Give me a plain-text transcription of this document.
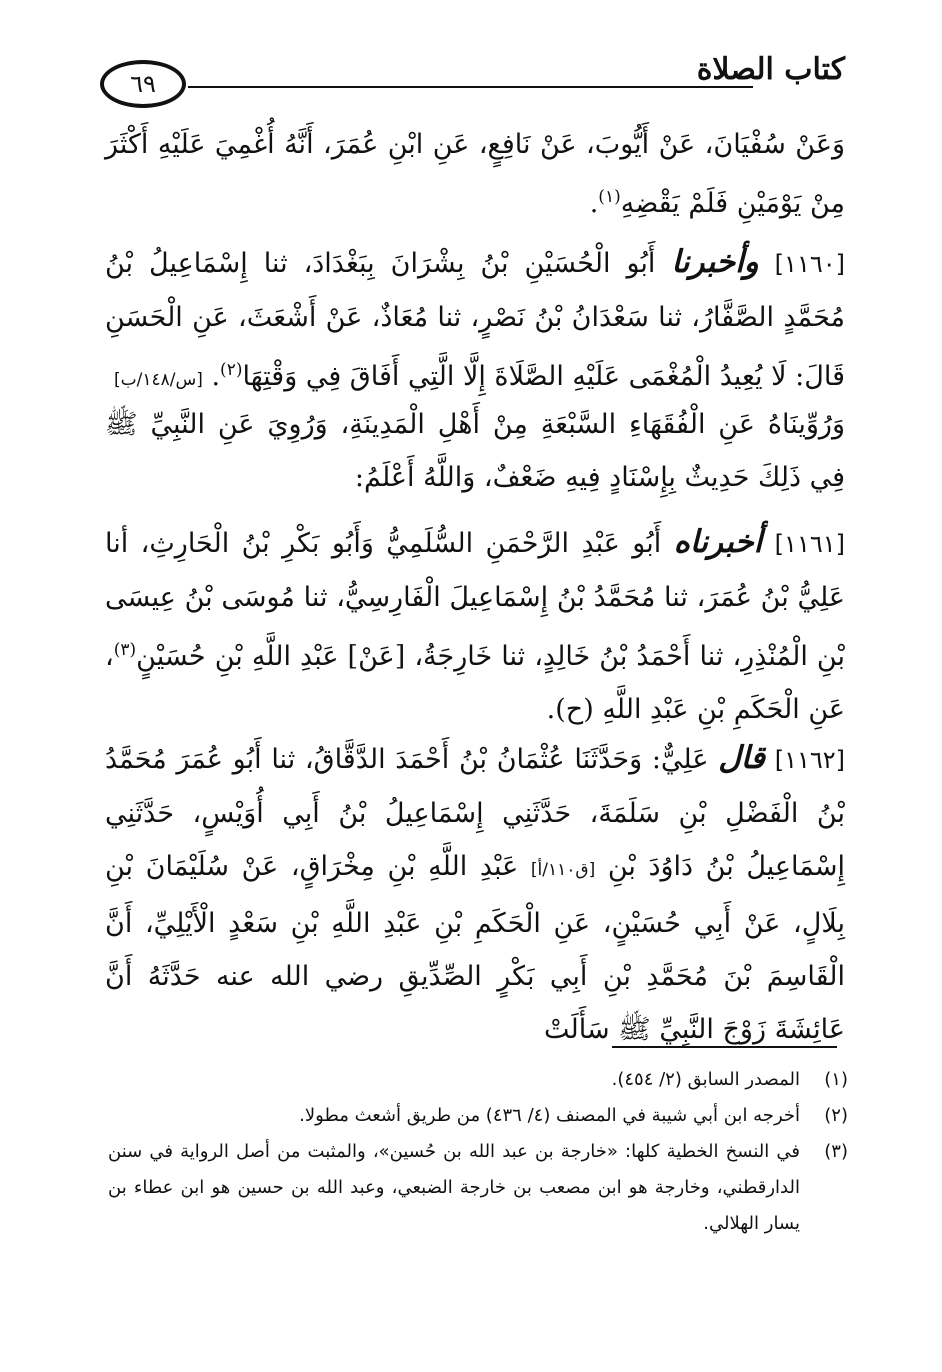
٦٩	كتاب الصلاة
وَعَنْ سُفْيَانَ، عَنْ أَيُّوبَ، عَنْ نَافِعٍ، عَنِ ابْنِ عُمَرَ، أَنَّهُ أُغْمِيَ عَلَيْهِ أَكْثَرَ مِنْ يَوْمَيْنِ فَلَمْ يَقْضِهِ$^{(١)}$.
[١١٦٠] وأخبرنا أَبُو الْحُسَيْنِ بْنُ بِشْرَانَ بِبَغْدَادَ، ثنا إِسْمَاعِيلُ بْنُ مُحَمَّدٍ الصَّفَّارُ، ثنا سَعْدَانُ بْنُ نَصْرٍ، ثنا مُعَاذٌ، عَنْ أَشْعَثَ، عَنِ الْحَسَنِ قَالَ: لَا يُعِيدُ الْمُغْمَى عَلَيْهِ الصَّلَاةَ إِلَّا الَّتِي أَفَاقَ فِي وَقْتِهَا$^{(٢)}$. [س/١٤٨/ب]
وَرُوِّينَاهُ عَنِ الْفُقَهَاءِ السَّبْعَةِ مِنْ أَهْلِ الْمَدِينَةِ، وَرُوِيَ عَنِ النَّبِيِّ ﷺ فِي ذَلِكَ حَدِيثٌ بِإِسْنَادٍ فِيهِ ضَعْفٌ، وَاللَّهُ أَعْلَمُ:
[١١٦١] أخبرناه أَبُو عَبْدِ الرَّحْمَنِ السُّلَمِيُّ وَأَبُو بَكْرِ بْنُ الْحَارِثِ، أنا عَلِيُّ بْنُ عُمَرَ، ثنا مُحَمَّدُ بْنُ إِسْمَاعِيلَ الْفَارِسِيُّ، ثنا مُوسَى بْنُ عِيسَى بْنِ الْمُنْذِرِ، ثنا أَحْمَدُ بْنُ خَالِدٍ، ثنا خَارِجَةُ، [عَنْ] عَبْدِ اللَّهِ بْنِ حُسَيْنٍ$^{(٣)}$، عَنِ الْحَكَمِ بْنِ عَبْدِ اللَّهِ (ح).
[١١٦٢] قال عَلِيٌّ: وَحَدَّثَنَا عُثْمَانُ بْنُ أَحْمَدَ الدَّقَّاقُ، ثنا أَبُو عُمَرَ مُحَمَّدُ بْنُ الْفَضْلِ بْنِ سَلَمَةَ، حَدَّثَنِي إِسْمَاعِيلُ بْنُ أَبِي أُوَيْسٍ، حَدَّثَنِي إِسْمَاعِيلُ بْنُ دَاوُدَ بْنِ [ق١١٠/أ] عَبْدِ اللَّهِ بْنِ مِخْرَاقٍ، عَنْ سُلَيْمَانَ بْنِ بِلَالٍ، عَنْ أَبِي حُسَيْنٍ، عَنِ الْحَكَمِ بْنِ عَبْدِ اللَّهِ بْنِ سَعْدٍ الْأَيْلِيِّ، أَنَّ الْقَاسِمَ بْنَ مُحَمَّدِ بْنِ أَبِي بَكْرٍ الصِّدِّيقِ رضي الله عنه حَدَّثَهُ أَنَّ عَائِشَةَ زَوْجَ النَّبِيِّ ﷺ سَأَلَتْ
(١)
المصدر السابق (٢/ ٤٥٤).
(٢)
أخرجه ابن أبي شيبة في المصنف (٤/ ٤٣٦) من طريق أشعث مطولا.
(٣)
في النسخ الخطية كلها: «خارجة بن عبد الله بن حُسين»، والمثبت من أصل الرواية في سنن الدارقطني، وخارجة هو ابن مصعب بن خارجة الضبعي، وعبد الله بن حسين هو ابن عطاء بن يسار الهلالي.
